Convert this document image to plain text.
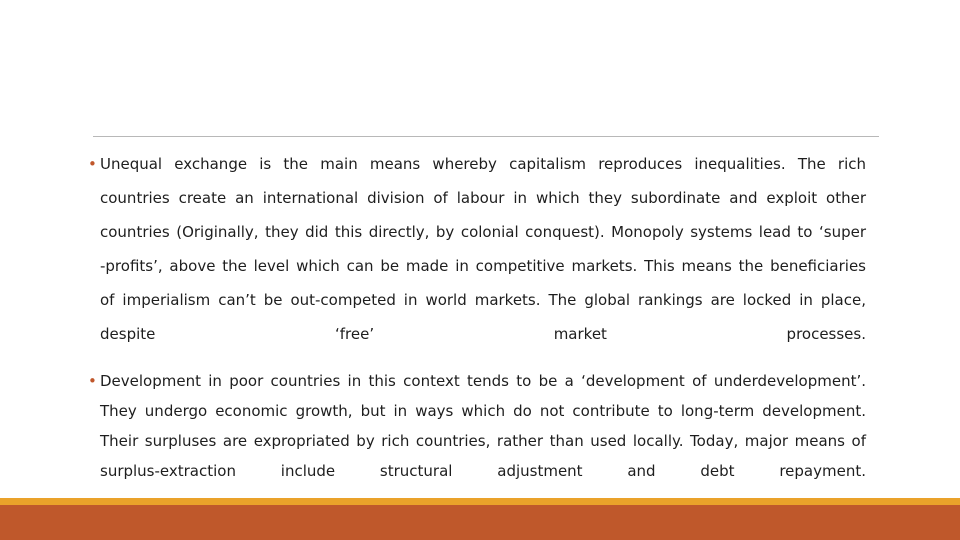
• Unequal exchange is the main means whereby capitalism reproduces inequalities. The rich
countries create an international division of labour in which they subordinate and exploit other
countries (Originally, they did this directly, by colonial conquest). Monopoly systems lead to ‘super
-profits’, above the level which can be made in competitive markets. This means the beneficiaries
of imperialism can’t be out-competed in world markets. The global rankings are locked in place,
despite ‘free’ market processes.
• Development in poor countries in this context tends to be a ‘development of underdevelopment’.
They undergo economic growth, but in ways which do not contribute to long-term development.
Their surpluses are expropriated by rich countries, rather than used locally. Today, major means of
surplus-extraction include structural adjustment and debt repayment.
